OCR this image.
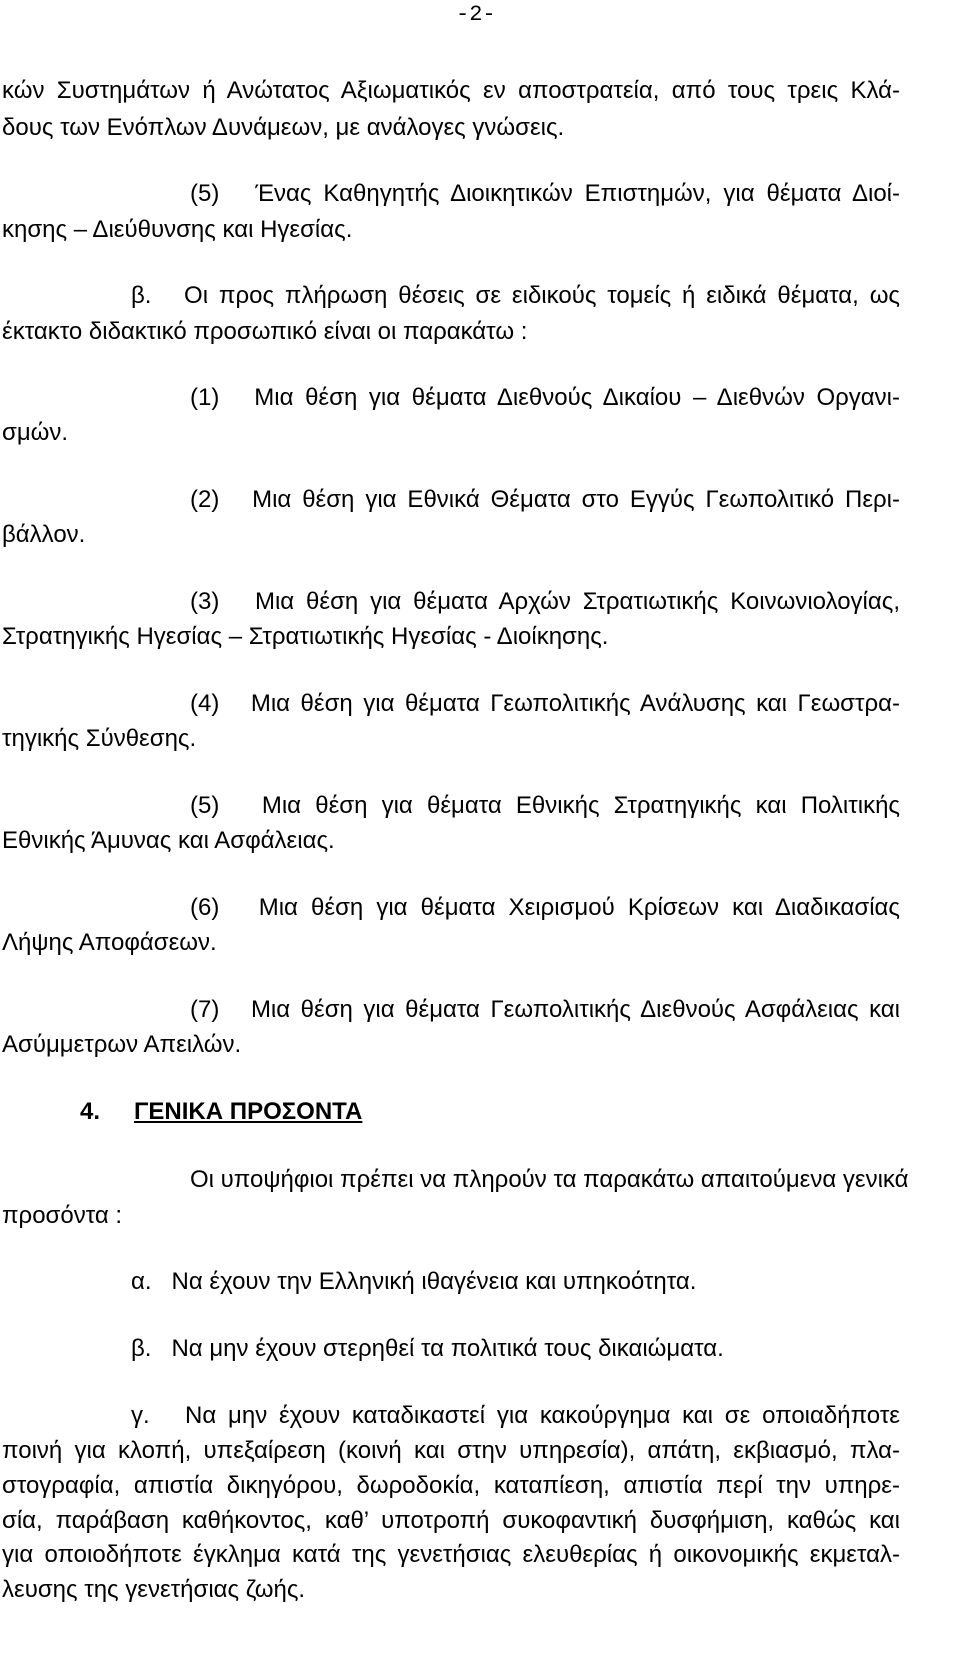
-2-
κών Συστημάτων ή Ανώτατος Αξιωματικός εν αποστρατεία, από τους τρεις Κλά-
δους των Ενόπλων Δυνάμεων, με ανάλογες γνώσεις.
(5)   Ένας Καθηγητής Διοικητικών Επιστημών, για θέματα Διοί-
κησης – Διεύθυνσης και Ηγεσίας.
β.   Οι προς πλήρωση θέσεις σε ειδικούς τομείς ή ειδικά θέματα, ως
έκτακτο διδακτικό προσωπικό είναι οι παρακάτω :
(1)   Μια θέση για θέματα Διεθνούς Δικαίου – Διεθνών Οργανι-
σμών.
(2)   Μια θέση για Εθνικά Θέματα στο Εγγύς Γεωπολιτικό Περι-
βάλλον.
(3)   Μια θέση για θέματα Αρχών Στρατιωτικής Κοινωνιολογίας,
Στρατηγικής Ηγεσίας – Στρατιωτικής Ηγεσίας - Διοίκησης.
(4)   Μια θέση για θέματα Γεωπολιτικής Ανάλυσης και Γεωστρα-
τηγικής Σύνθεσης.
(5)   Μια θέση για θέματα Εθνικής Στρατηγικής και Πολιτικής
Εθνικής Άμυνας και Ασφάλειας.
(6)   Μια θέση για θέματα Χειρισμού Κρίσεων και Διαδικασίας
Λήψης Αποφάσεων.
(7)   Μια θέση για θέματα Γεωπολιτικής Διεθνούς Ασφάλειας και
Ασύμμετρων Απειλών.
4. ΓΕΝΙΚΑ ΠΡΟΣΟΝΤΑ
Οι υποψήφιοι πρέπει να πληρούν τα παρακάτω απαιτούμενα γενικά
προσόντα :
α.   Να έχουν την Ελληνική ιθαγένεια και υπηκοότητα.
β.   Να μην έχουν στερηθεί τα πολιτικά τους δικαιώματα.
γ.   Να μην έχουν καταδικαστεί για κακούργημα και σε οποιαδήποτε
ποινή για κλοπή, υπεξαίρεση (κοινή και στην υπηρεσία), απάτη, εκβιασμό, πλα-
στογραφία, απιστία δικηγόρου, δωροδοκία, καταπίεση, απιστία περί την υπηρε-
σία, παράβαση καθήκοντος, καθ’ υποτροπή συκοφαντική δυσφήμιση, καθώς και
για οποιοδήποτε έγκλημα κατά της γενετήσιας ελευθερίας ή οικονομικής εκμεταλ-
λευσης της γενετήσιας ζωής.
